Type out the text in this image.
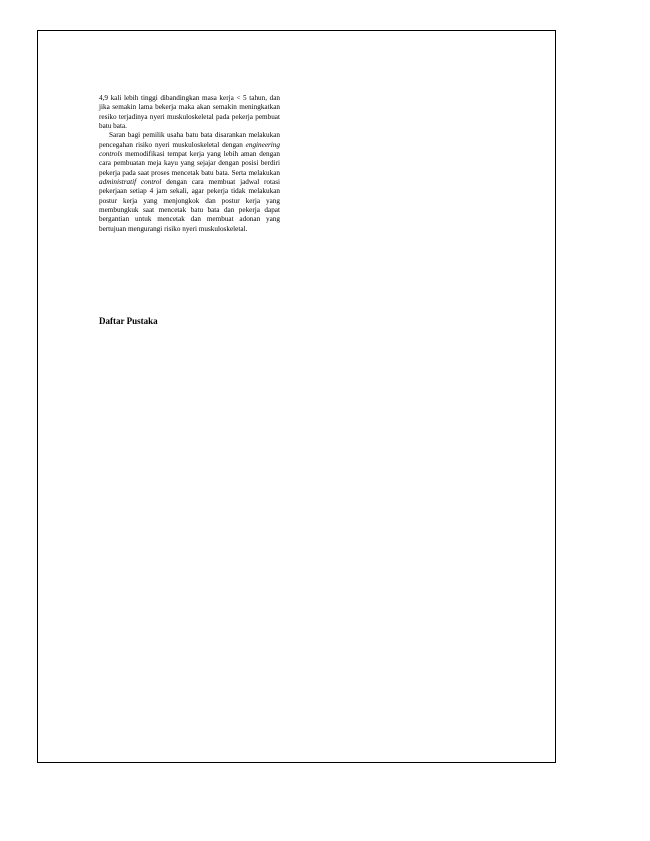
4,9 kali lebih tinggi dibandingkan masa kerja < 5 tahun, dan jika semakin lama bekerja maka akan semakin meningkatkan resiko terjadinya nyeri muskuloskeletal pada pekerja pembuat batu bata.

Saran bagi pemilik usaha batu bata disarankan melakukan pencegahan risiko nyeri muskuloskeletal dengan engineering controls memodifikasi tempat kerja yang lebih aman dengan cara pembuatan meja kayu yang sejajar dengan posisi berdiri pekerja pada saat proses mencetak batu bata. Serta melakukan administratif control dengan cara membuat jadwal rotasi pekerjaan setiap 4 jam sekali, agar pekerja tidak melakukan postur kerja yang menjongkok dan postur kerja yang membungkuk saat mencetak batu bata dan pekerja dapat bergantian untuk mencetak dan membuat adonan yang bertujuan mengurangi risiko nyeri muskuloskeletal.

Daftar Pustaka
